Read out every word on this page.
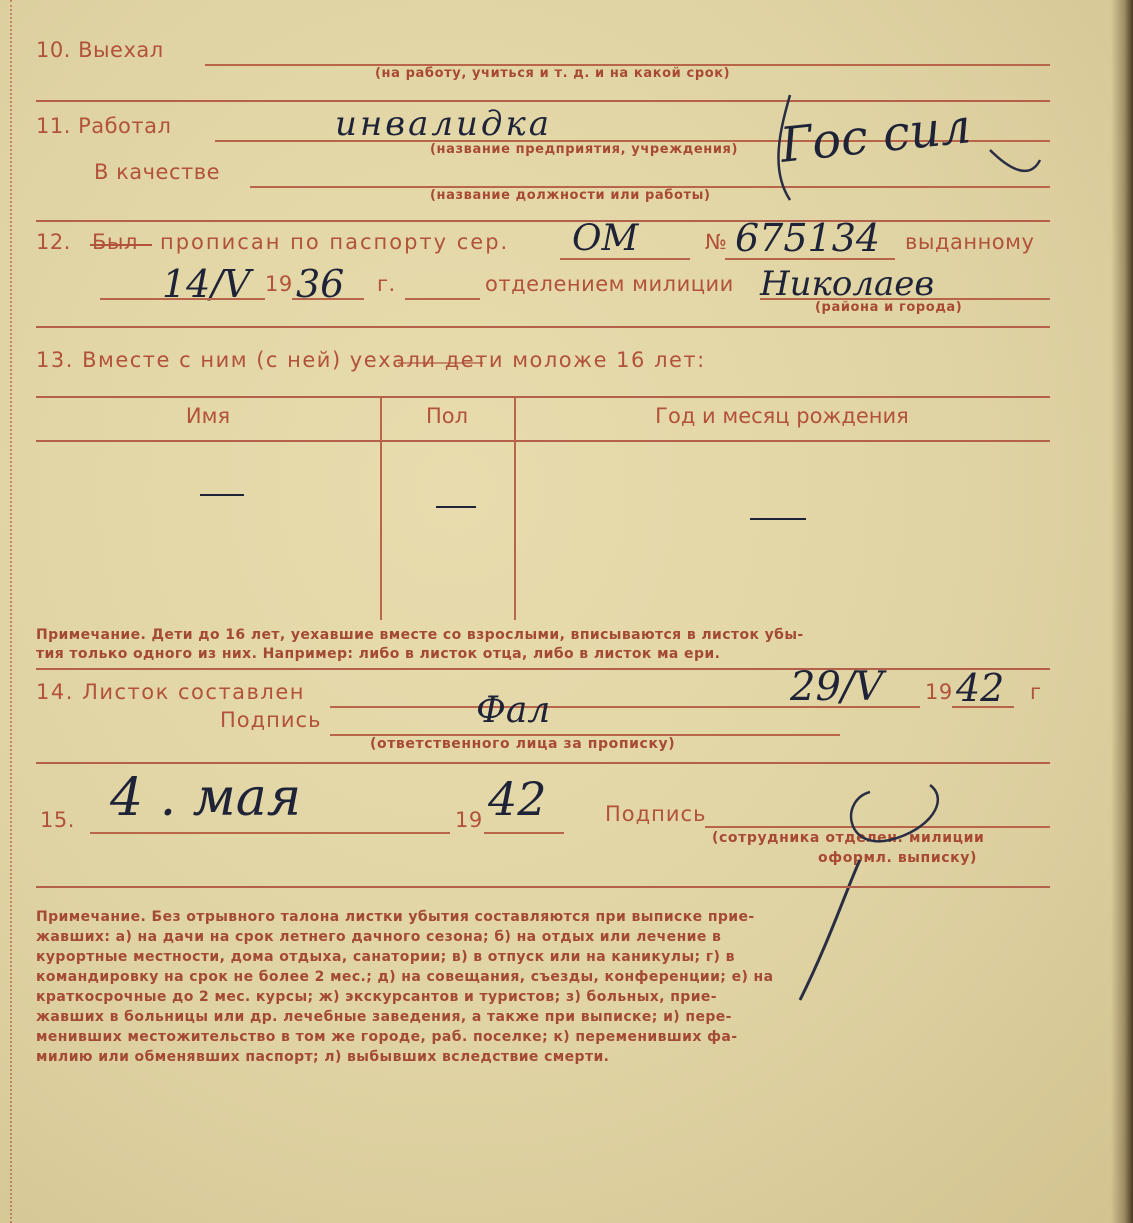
10. Выехал
(на работу, учиться и т. д. и на какой срок)
11. Работал	инвалидка
(название предприятия, учреждения)
В качестве
(название должности или работы)
Гос сил
12. Был прописан по паспорту сер. ОМ	№ 675134 выданному
14/V 19 36 г.	отделением милиции Николаев
(района и города)
13. Вместе с ним (с ней) уехали дети моложе 16 лет:
Имя	Пол	Год и месяц рождения
Примечание. Дети до 16 лет, уехавшие вместе со взрослыми, вписываются в листок убы-
тия только одного из них. Например: либо в листок отца, либо в листок ма ери.
14. Листок составлен	29/V 19 42 г
Подпись	Фал
(ответственного лица за прописку)
15. 4 . мая	19 42	Подпись
(сотрудника отделен. милиции
оформл. выписку)
Примечание. Без отрывного талона листки убытия составляются при выписке прие-
жавших: а) на дачи на срок летнего дачного сезона; б) на отдых или лечение в
курортные местности, дома отдыха, санатории; в) в отпуск или на каникулы; г) в
командировку на срок не более 2 мес.; д) на совещания, съезды, конференции; е) на
краткосрочные до 2 мес. курсы; ж) экскурсантов и туристов; з) больных, прие-
жавших в больницы или др. лечебные заведения, а также при выписке; и) пере-
менивших местожительство в том же городе, раб. поселке; к) переменивших фа-
милию или обменявших паспорт; л) выбывших вследствие смерти.
